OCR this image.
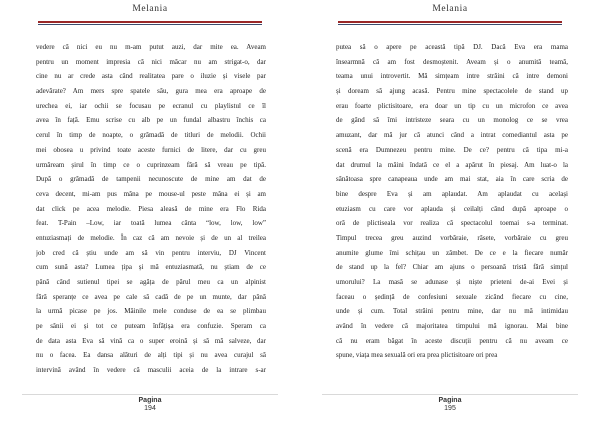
Melania
vedere că nici eu nu m-am putut auzi, dar mite ea. Aveam
pentru un moment impresia că nici măcar nu am strigat-o, dar
cine nu ar crede asta când realitatea pare o iluzie și visele par
adevărate? Am mers spre spatele său, gura mea era aproape de
urechea ei, iar ochii se focusau pe ecranul cu playlistul ce îl
avea în față. Emu scrise cu alb pe un fundal albastru închis ca
cerul în timp de noapte, o grămadă de titluri de melodii. Ochii
mei obosea u privind toate aceste furnici de litere, dar cu greu
urmăream șirul în timp ce o cuprinzeam fără să vreau pe tipă.
După o grămadă de tampenii necunoscute de mine am dat de
ceva decent, mi-am pus mâna pe mouse-ul peste mâna ei și am
dat click pe acea melodie. Piesa aleasă de mine era Flo Rida
feat. T-Pain –Low, iar toată lumea cânta “low, low, low”
entuziasmați de melodie. În caz că am nevoie și de un al treilea
job cred că știu unde am să vin pentru interviu, DJ Vincent
cum sună asta? Lumea țipa și mă entuziasmată, nu știam de ce
până când sutienul tipei se agăța de părul meu ca un alpinist
fără speranțe ce avea pe cale să cadă de pe un munte, dar până
la urmă picase pe jos. Mâinile mele conduse de ea se plimbau
pe sânii ei și tot ce puteam înfățișa era confuzie. Speram ca
de data asta Eva să vină ca o super eroină și să mă salveze, dar
nu o facea. Ea dansa alături de alți tipi și nu avea curajul să
intervină având în vedere că masculii aceia de la intrare s-ar
Pagina
194
Melania
putea să o apere pe această tipă DJ. Dacă Eva era mama
însearmnă că am fost desmoștenit. Aveam și o anumită teamă,
teama unui introvertit. Mă simțeam intre străini că intre demoni
și doream să ajung acasă. Pentru mine spectacolele de stand up
erau foarte plictisitoare, era doar un tip cu un microfon ce avea
de gând să îmi intristeze seara cu un monolog ce se vrea
amuzant, dar mă jur că atunci când a intrat comediantul asta pe
scenă era Dumnezeu pentru mine. De ce? pentru că tipa mi-a
dat drumul la mâini îndată ce el a apărut în piesaj. Am luat-o la
sănătoasa spre canapeaua unde am mai stat, aia în care scria de
bine despre Eva și am aplaudat. Am aplaudat cu același
etuziasm cu care vor aplauda și ceilalți când după aproape o
oră de plictiseala vor realiza că spectacolul toemai s-a terminat.
Timpul trecea greu auzind vorbăraie, râsete, vorbăraie cu greu
anumite glume îmi schițau un zâmbet. De ce e la fiecare număr
de stand up la fel? Chiar am ajuns o persoană tristă fără simțul
umorului? La masă se adunase și niște prieteni de-ai Evei și
faceau o ședință de confesiuni sexuale zicând fiecare cu cine,
unde și cum. Total străini pentru mine, dar nu mă intimidau
având în vedere că majoritatea timpului mă ignorau. Mai bine
că nu eram băgat în aceste discuții pentru că nu aveam ce
spune, viața mea sexuală ori era prea plictisitoare ori prea
Pagina
195
